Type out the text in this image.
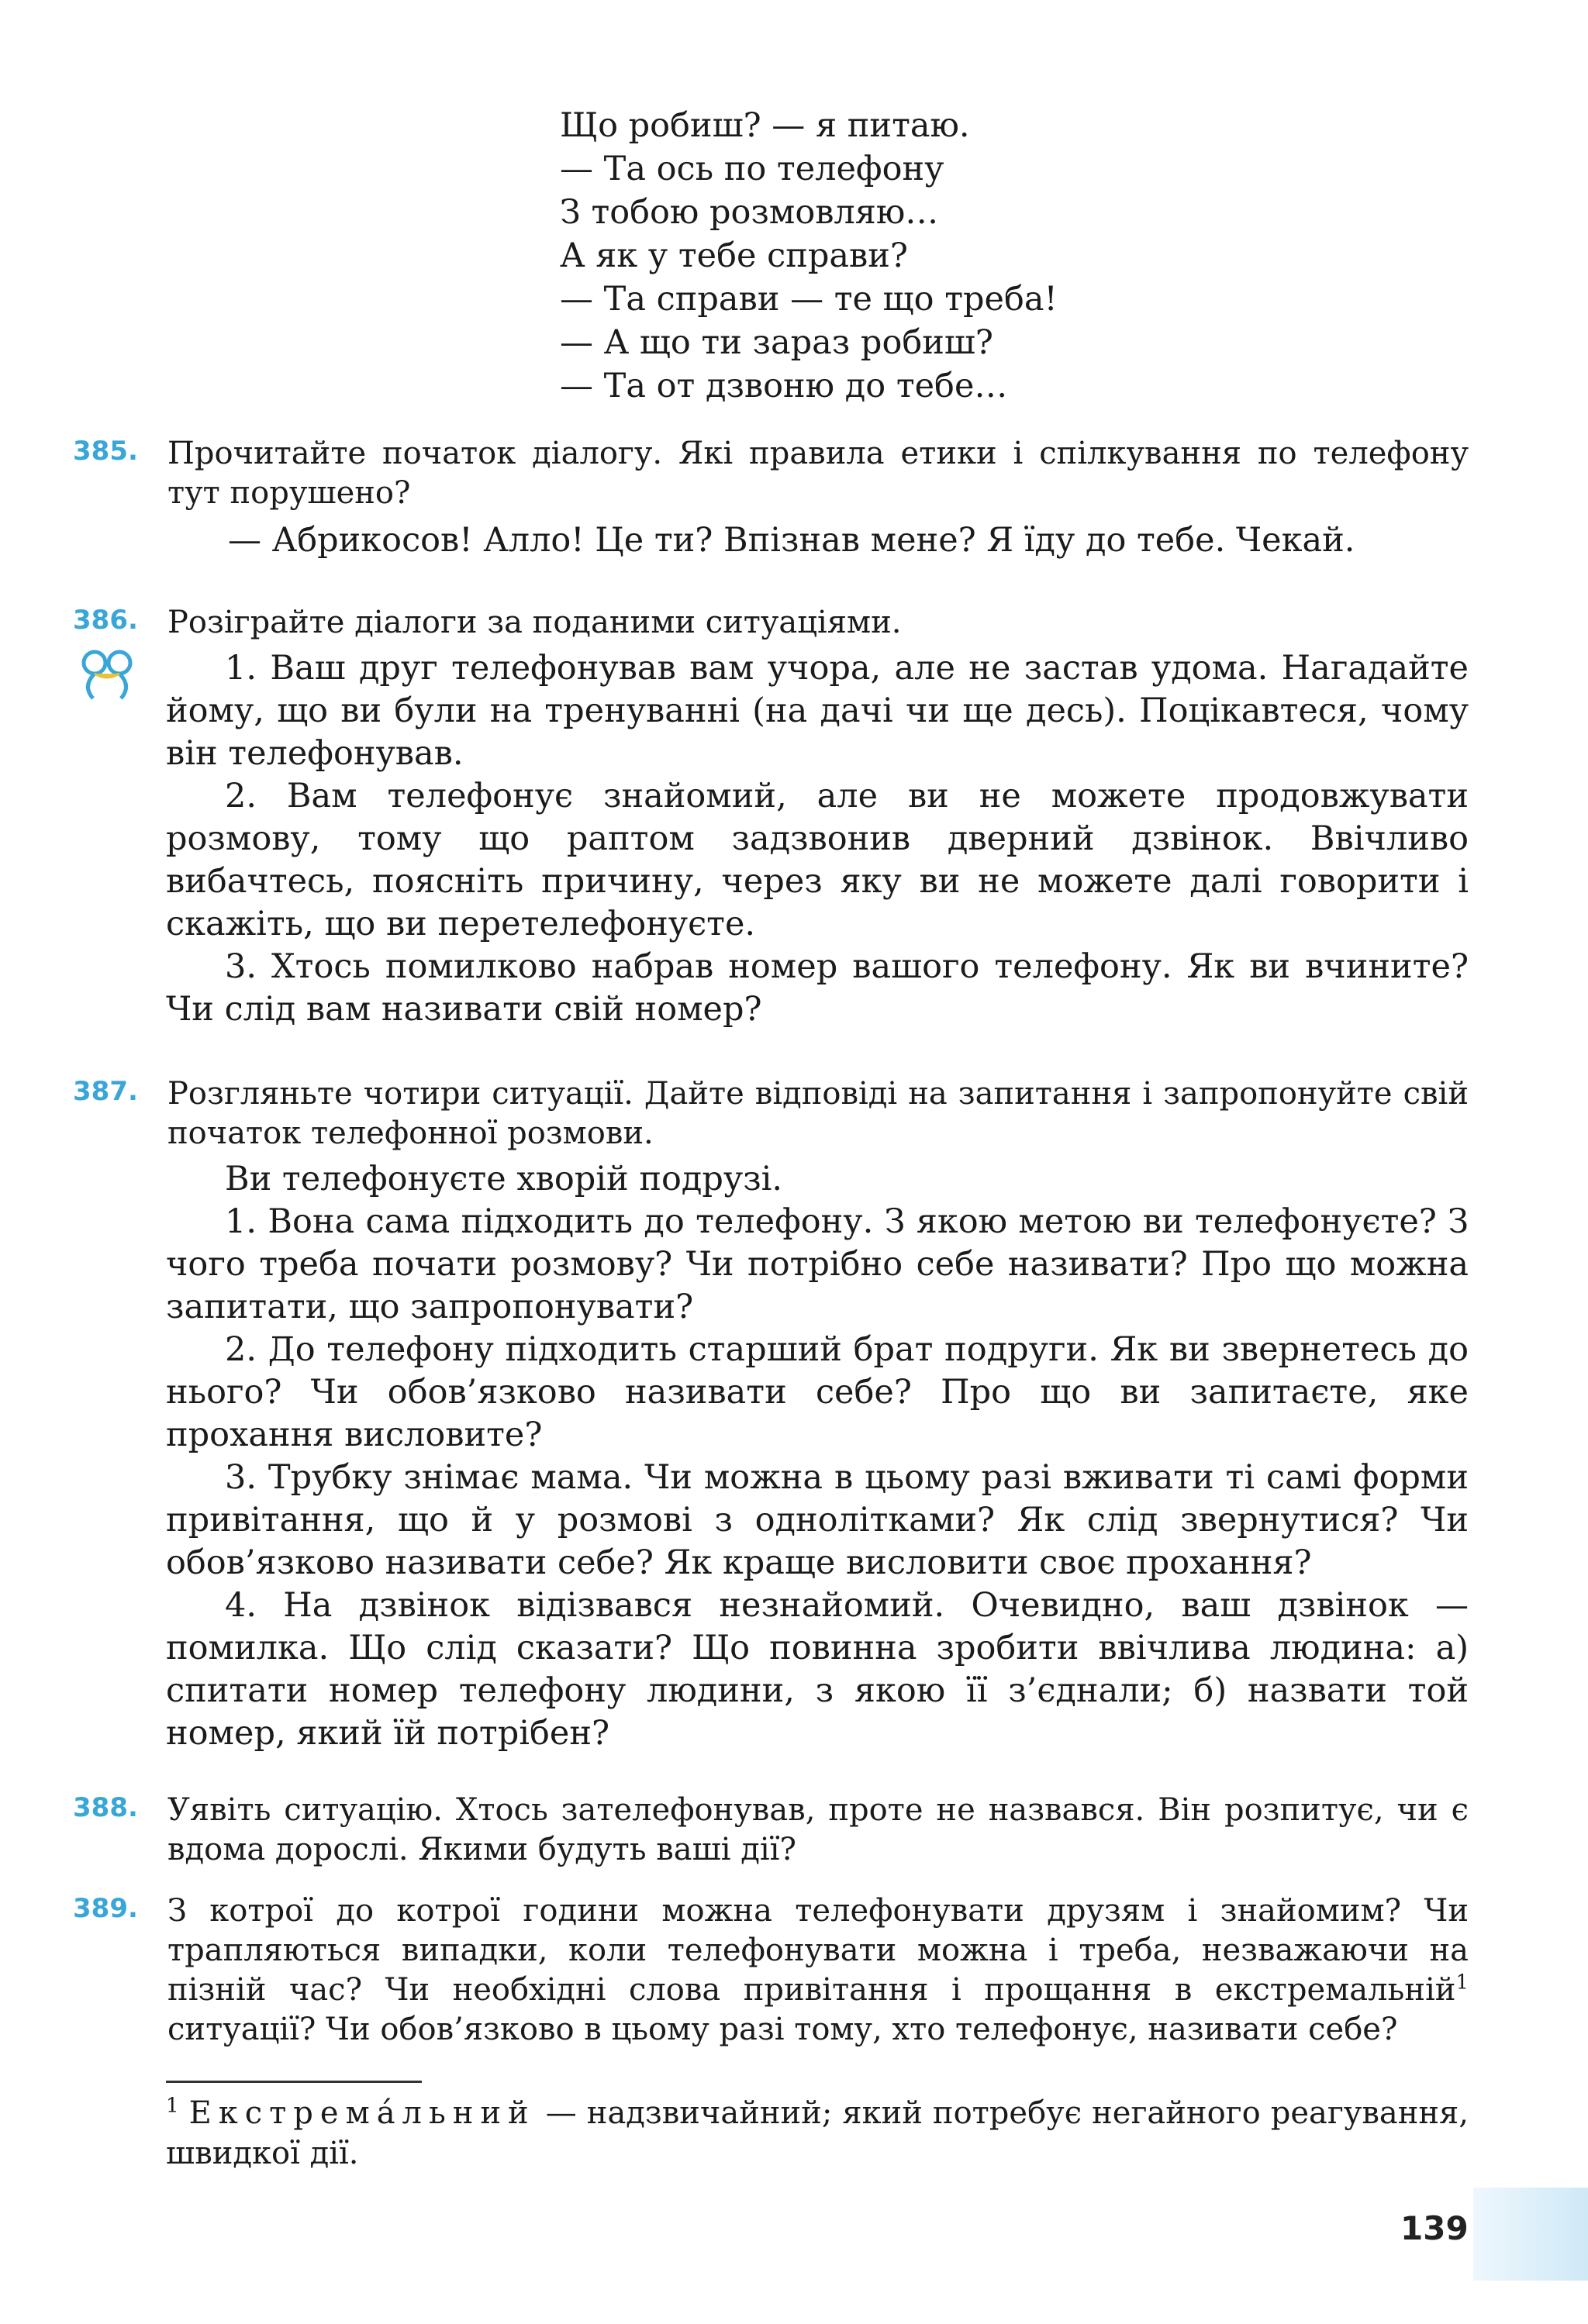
Що робиш? — я питаю.
— Та ось по телефону
З тобою розмовляю…
А як у тебе справи?
— Та справи — те що треба!
— А що ти зараз робиш?
— Та от дзвоню до тебе…
385. Прочитайте початок діалогу. Які правила етики і спілкування по телефону тут порушено?
— Абрикосов! Алло! Це ти? Впізнав мене? Я їду до тебе. Чекай.
386. Розіграйте діалоги за поданими ситуаціями.
1. Ваш друг телефонував вам учора, але не застав удома. Нагадайте йому, що ви були на тренуванні (на дачі чи ще десь). Поцікавтеся, чому він телефонував.
2. Вам телефонує знайомий, але ви не можете продовжувати розмову, тому що раптом задзвонив дверний дзвінок. Ввічливо вибачтесь, поясніть причину, через яку ви не можете далі говорити і скажіть, що ви перетелефонуєте.
3. Хтось помилково набрав номер вашого телефону. Як ви вчините? Чи слід вам називати свій номер?
387. Розгляньте чотири ситуації. Дайте відповіді на запитання і запропонуйте свій початок телефонної розмови.
Ви телефонуєте хворій подрузі.
1. Вона сама підходить до телефону. З якою метою ви телефонуєте? З чого треба почати розмову? Чи потрібно себе називати? Про що можна запитати, що запропонувати?
2. До телефону підходить старший брат подруги. Як ви звернетесь до нього? Чи обов’язково називати себе? Про що ви запитаєте, яке прохання висловите?
3. Трубку знімає мама. Чи можна в цьому разі вживати ті самі форми привітання, що й у розмові з однолітками? Як слід звернутися? Чи обов’язково називати себе? Як краще висловити своє прохання?
4. На дзвінок відізвався незнайомий. Очевидно, ваш дзвінок — помилка. Що слід сказати? Що повинна зробити ввічлива людина: а) спитати номер телефону людини, з якою її з’єднали; б) назвати той номер, який їй потрібен?
388. Уявіть ситуацію. Хтось зателефонував, проте не назвався. Він розпитує, чи є вдома дорослі. Якими будуть ваші дії?
389. З котрої до котрої години можна телефонувати друзям і знайомим? Чи трапляються випадки, коли телефонувати можна і треба, незважаючи на пізній час? Чи необхідні слова привітання і прощання в екстремальній$^1$ ситуації? Чи обов’язково в цьому разі тому, хто телефонує, називати себе?
$^1$ Екстрема́льний — надзвичайний; який потребує негайного реагування, швидкої дії.
139
